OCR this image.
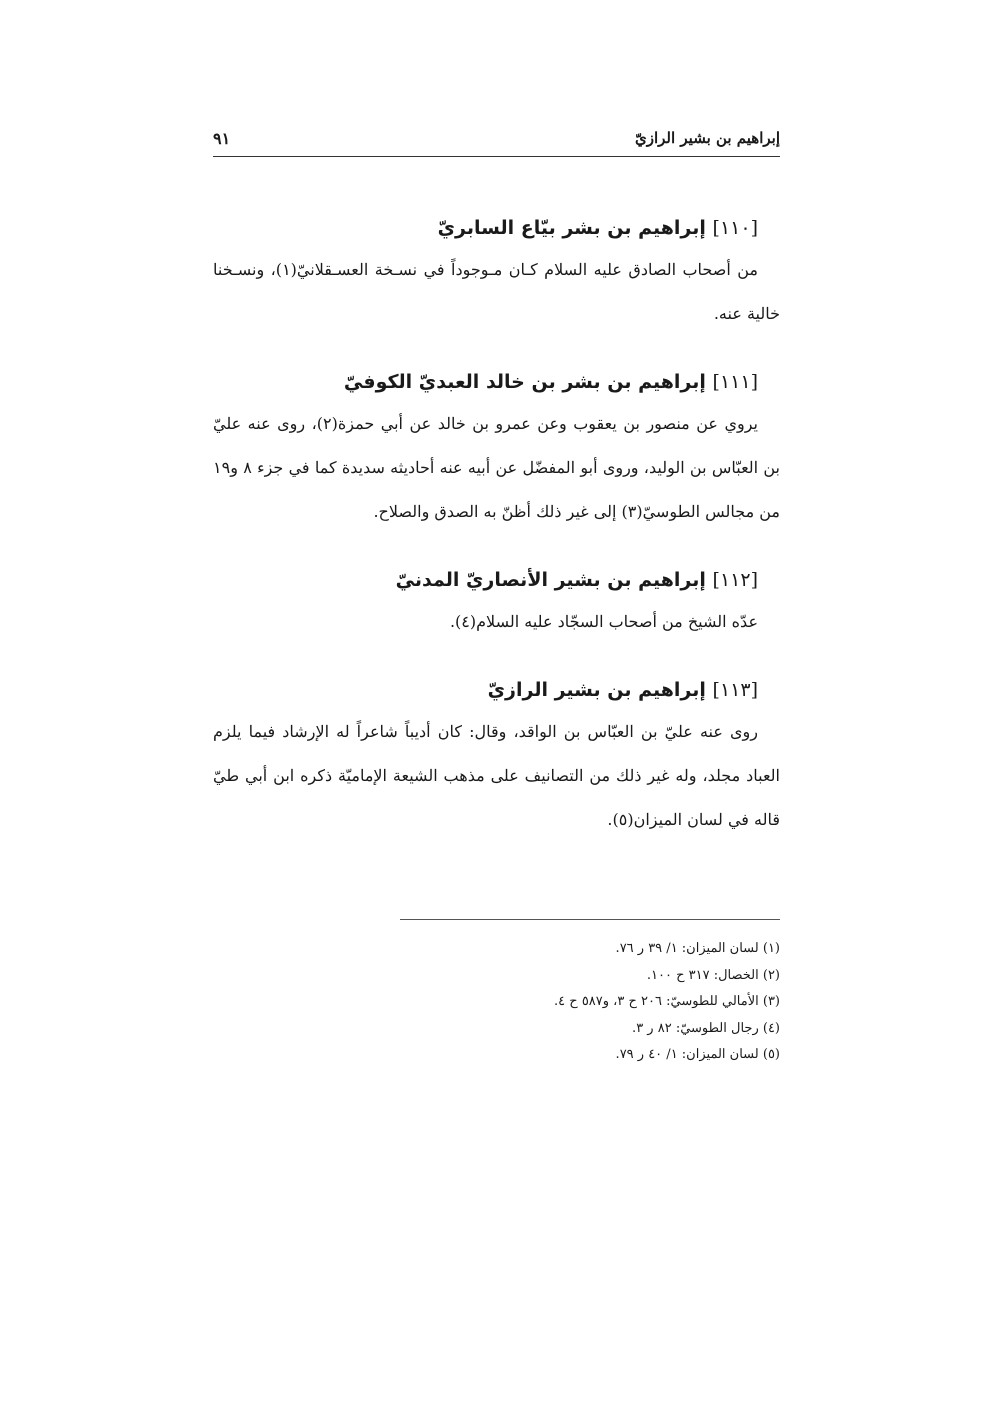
إبراهيم بن بشير الرازيّ
٩١
[١١٠] إبراهيم بن بشر بيّاع السابريّ

من أصحاب الصادق عليه السلام كـان مـوجوداً في نسـخة العسـقلانيّ(١)، ونسـخنا خالية عنه.

[١١١] إبراهيم بن بشر بن خالد العبديّ الكوفيّ

يروي عن منصور بن يعقوب وعن عمرو بن خالد عن أبي حمزة(٢)، روى عنه عليّ بن العبّاس بن الوليد، وروى أبو المفضّل عن أبيه عنه أحاديثه سديدة كما في جزء ٨ و١٩ من مجالس الطوسيّ(٣) إلى غير ذلك أظنّ به الصدق والصلاح.

[١١٢] إبراهيم بن بشير الأنصاريّ المدنيّ

عدّه الشيخ من أصحاب السجّاد عليه السلام(٤).

[١١٣] إبراهيم بن بشير الرازيّ

روى عنه عليّ بن العبّاس بن الواقد، وقال: كان أديباً شاعراً له الإرشاد فيما يلزم العباد مجلد، وله غير ذلك من التصانيف على مذهب الشيعة الإماميّة ذكره ابن أبي طيّ قاله في لسان الميزان(٥).

(١) لسان الميزان: ١/ ٣٩ ر ٧٦.
(٢) الخصال: ٣١٧ ح ١٠٠.
(٣) الأمالي للطوسيّ: ٢٠٦ ح ٣، و٥٨٧ ح ٤.
(٤) رجال الطوسيّ: ٨٢ ر ٣.
(٥) لسان الميزان: ١/ ٤٠ ر ٧٩.
